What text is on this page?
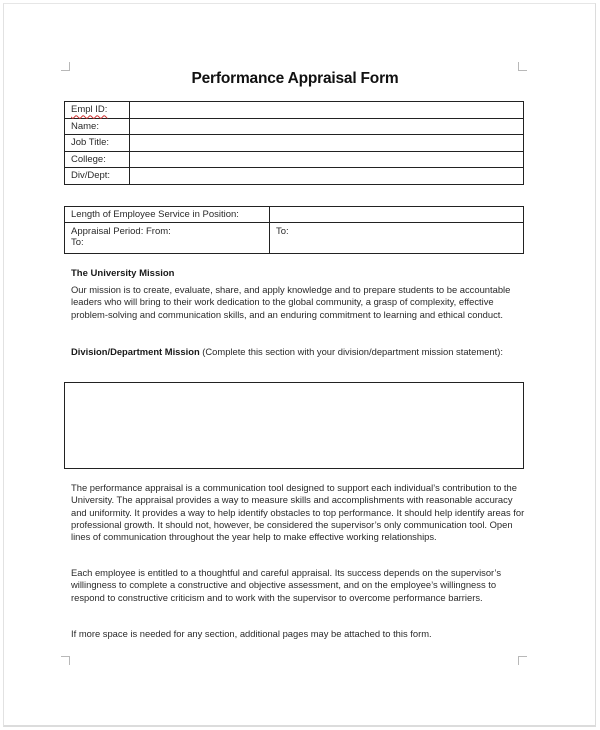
Performance Appraisal Form
Empl ID:	
Name:	
Job Title:	
College:	
Div/Dept:	
Length of Employee Service in Position:	

Appraisal Period: From:
To:	To:
The University Mission
Our mission is to create, evaluate, share, and apply knowledge and to prepare students to be accountable leaders who will bring to their work dedication to the global community, a grasp of complexity, effective problem-solving and communication skills, and an enduring commitment to learning and ethical conduct.
Division/Department Mission (Complete this section with your division/department mission statement):
The performance appraisal is a communication tool designed to support each individual’s contribution to the University. The appraisal provides a way to measure skills and accomplishments with reasonable accuracy and uniformity. It provides a way to help identify obstacles to top performance. It should help identify areas for professional growth. It should not, however, be considered the supervisor’s only communication tool. Open lines of communication throughout the year help to make effective working relationships.
Each employee is entitled to a thoughtful and careful appraisal. Its success depends on the supervisor’s willingness to complete a constructive and objective assessment, and on the employee’s willingness to respond to constructive criticism and to work with the supervisor to overcome performance barriers.
If more space is needed for any section, additional pages may be attached to this form.
